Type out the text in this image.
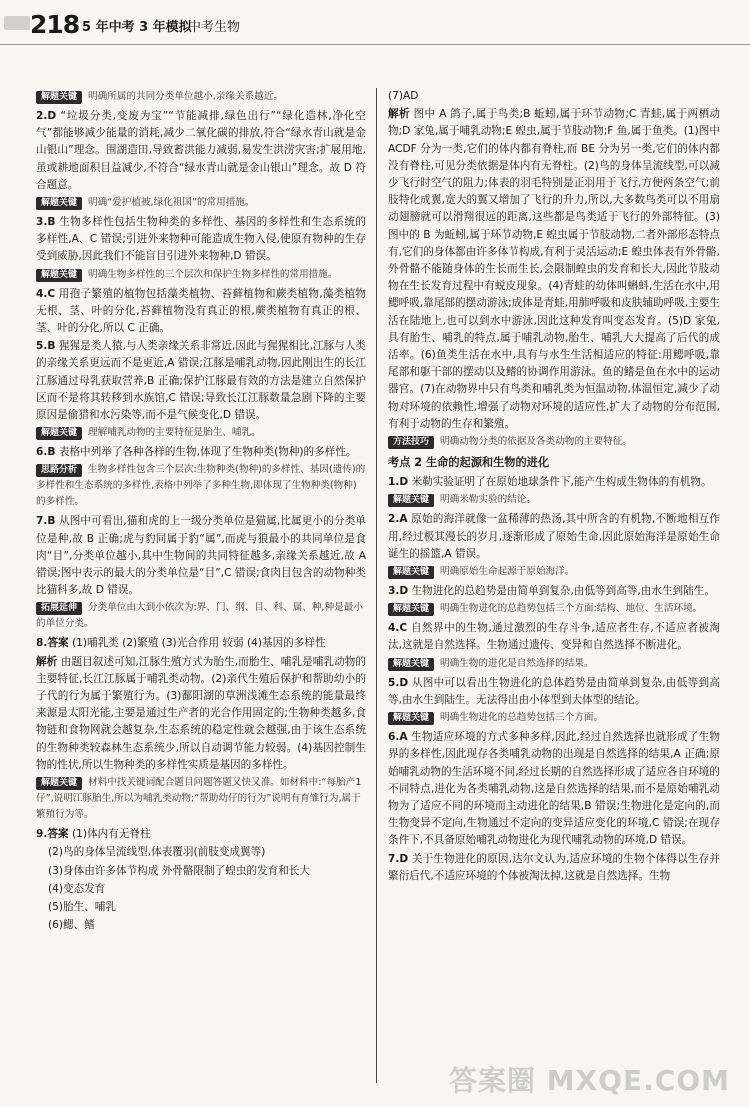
218 5 年中考 3 年模拟
中考生物
解题关键 明确所属的共同分类单位越小,亲缘关系越近。

2.D “垃圾分类,变废为宝”“节能减排,绿色出行”“绿化造林,净化空气”都能够减少能量的消耗,减少二氧化碳的排放,符合“绿水青山就是金山银山”理念。围湖造田,导致蓄洪能力减弱,易发生洪涝灾害;扩展用地,虽或耕地面积目益减少,不符合“绿水青山就是金山银山”理念。故 D 符合题意。

解题关键 明确“爱护植被,绿化祖国”的常用措施。

3.B 生物多样性包括生物种类的多样性、基因的多样性和生态系统的多样性,A、C 错误;引进外来物种可能造成生物入侵,使原有物种的生存受到威胁,因此我们不能盲目引进外来物种,D 错误。

解题关键 明确生物多样性的三个层次和保护生物多样性的常用措施。

4.C 用孢子繁殖的植物包括藻类植物、苔藓植物和蕨类植物,藻类植物无根、茎、叶的分化,苔藓植物没有真正的根,蕨类植物有真正的根、茎、叶的分化,所以 C 正确。

5.B 猩猩是类人猿,与人类亲缘关系非常近,因此与猩猩相比,江豚与人类的亲缘关系更远而不是更近,A 错误;江豚是哺乳动物,因此刚出生的长江江豚通过母乳获取营养,B 正确;保护江豚最有效的方法是建立自然保护区而不是将其转移到水族馆,C 错误;导致长江江豚数量急剧下降的主要原因是偷猎和水污染等,而不是气候变化,D 错误。

解题关键 理解哺乳动物的主要特征是胎生、哺乳。

6.B 表格中列举了各种各样的生物,体现了生物种类(物种)的多样性。

思路分析 生物多样性包含三个层次:生物种类(物种)的多样性、基因(遗传)的多样性和生态系统的多样性,表格中列举了多种生物,即体现了生物种类(物种)的多样性。

7.B 从图中可看出,猫和虎的上一级分类单位是猫属,比属更小的分类单位是种,故 B 正确;虎与豹同属于豹“属”,而虎与狼最小的共同单位是食肉“目”,分类单位越小,其中生物间的共同特征越多,亲缘关系越近,故 A 错误;图中表示的最大的分类单位是“目”,C 错误;食肉目包含的动物种类比猫科多,故 D 错误。

拓展延伸 分类单位由大到小依次为:界、门、纲、目、科、属、种,种是最小的单位分类。

8.答案 (1)哺乳类 (2)繁殖 (3)光合作用 较弱 (4)基因的多样性

解析 由题目叙述可知,江豚生殖方式为胎生,而胎生、哺乳是哺乳动物的主要特征,长江江豚属于哺乳类动物。(2)亲代生殖后保护和帮助幼小的子代的行为属于繁殖行为。(3)鄱阳湖的草洲浅滩生态系统的能量最终来源是太阳光能,主要是通过生产者的光合作用固定的;生物种类越多,食物链和食物网就会越复杂,生态系统的稳定性就会越强,由于该生态系统的生物种类较森林生态系统少,所以自动调节能力较弱。(4)基因控制生物的性状,所以生物种类的多样性实质是基因的多样性。

解题关键 材料中找关键词配合题目问题答题又快又准。如材料中:“每胎产1仔”,说明江豚胎生,所以为哺乳类动物;“帮助幼仔的行为”说明有育雏行为,属于繁殖行为等。

9.答案 (1)体内有无脊柱

(2)鸟的身体呈流线型,体表覆羽(前肢变成翼等)

(3)身体由许多体节构成 外骨骼限制了蝗虫的发育和长大

(4)变态发育

(5)胎生、哺乳

(6)鳃、鳍

(7)AD

解析 图中 A 鸽子,属于鸟类;B 蚯蚓,属于环节动物;C 青蛙,属于两栖动物;D 家兔,属于哺乳动物;E 蝗虫,属于节肢动物;F 鱼,属于鱼类。(1)图中 ACDF 分为一类,它们的体内都有脊柱,而 BE 分为另一类,它们的体内都没有脊柱,可见分类依据是体内有无脊柱。(2)鸟的身体呈流线型,可以减少飞行时空气的阻力;体表的羽毛特别是正羽用于飞行,方便两条空气;前肢特化成翼,宽大的翼又增加了飞行的升力,所以,大多数鸟类可以不用扇动翅膀就可以滑翔很远的距离,这些都是鸟类适于飞行的外部特征。(3)图中的 B 为蚯蚓,属于环节动物,E 蝗虫属于节肢动物,二者外部形态特点有,它们的身体都由许多体节构成,有利于灵活运动;E 蝗虫体表有外骨骼,外骨骼不能随身体的生长而生长,会限制蝗虫的发育和长大,因此节肢动物在生长发育过程中有蜕皮现象。(4)青蛙的幼体叫蝌蚪,生活在水中,用鳃呼吸,靠尾部的摆动游泳;成体是青蛙,用肺呼吸和皮肤辅助呼吸,主要生活在陆地上,也可以到水中游泳,因此这种发育叫变态发育。(5)D 家兔,具有胎生、哺乳的特点,属于哺乳动物,胎生、哺乳大大提高了后代的成活率。(6)鱼类生活在水中,具有与水生生活相适应的特征:用鳃呼吸,靠尾部和躯干部的摆动以及鳍的协调作用游泳。鱼的鳍是鱼在水中的运动器官。(7)在动物界中只有鸟类和哺乳类为恒温动物,体温恒定,减少了动物对环境的依赖性,增强了动物对环境的适应性,扩大了动物的分布范围,有利于动物的生存和繁殖。

方法技巧 明确动物分类的依据及各类动物的主要特征。
考点 2 生命的起源和生物的进化

1.D 米勒实验证明了在原始地球条件下,能产生构成生物体的有机物。

解题关键 明确米勒实验的结论。

2.A 原始的海洋就像一盆稀薄的热汤,其中所含的有机物,不断地相互作用,经过极其漫长的岁月,逐渐形成了原始生命,因此原始海洋是原始生命诞生的摇篮,A 错误。

解题关键 明确原始生命起源于原始海洋。

3.D 生物进化的总趋势是由简单到复杂,由低等到高等,由水生到陆生。

解题关键 明确生物进化的总趋势包括三个方面:结构、地位、生活环境。

4.C 自然界中的生物,通过激烈的生存斗争,适应者生存,不适应者被淘汰,这就是自然选择。生物通过遗传、变异和自然选择不断进化。

解题关键 明确生物的进化是自然选择的结果。

5.D 从图中可以看出生物进化的总体趋势是由简单到复杂,由低等到高等,由水生到陆生。无法得出由小体型到大体型的结论。

解题关键 明确生物进化的总趋势包括三个方面。

6.A 生物适应环境的方式多种多样,因此,经过自然选择也就形成了生物界的多样性,因此现存各类哺乳动物的出现是自然选择的结果,A 正确;原始哺乳动物的生活环境不同,经过长期的自然选择形成了适应各自环境的不同特点,进化为各类哺乳动物,这是自然选择的结果,而不是原始哺乳动物为了适应不同的环境而主动进化的结果,B 错误;生物进化是定向的,而生物变异不定向,生物通过不定向的变异适应变化的环境,C 错误;在现存条件下,不具备原始哺乳动物进化为现代哺乳动物的环境,D 错误。

7.D 关于生物进化的原因,达尔文认为,适应环境的生物个体得以生存并繁衍后代,不适应环境的个体被淘汰掉,这就是自然选择。生物

答案圈 MXQE.COM
